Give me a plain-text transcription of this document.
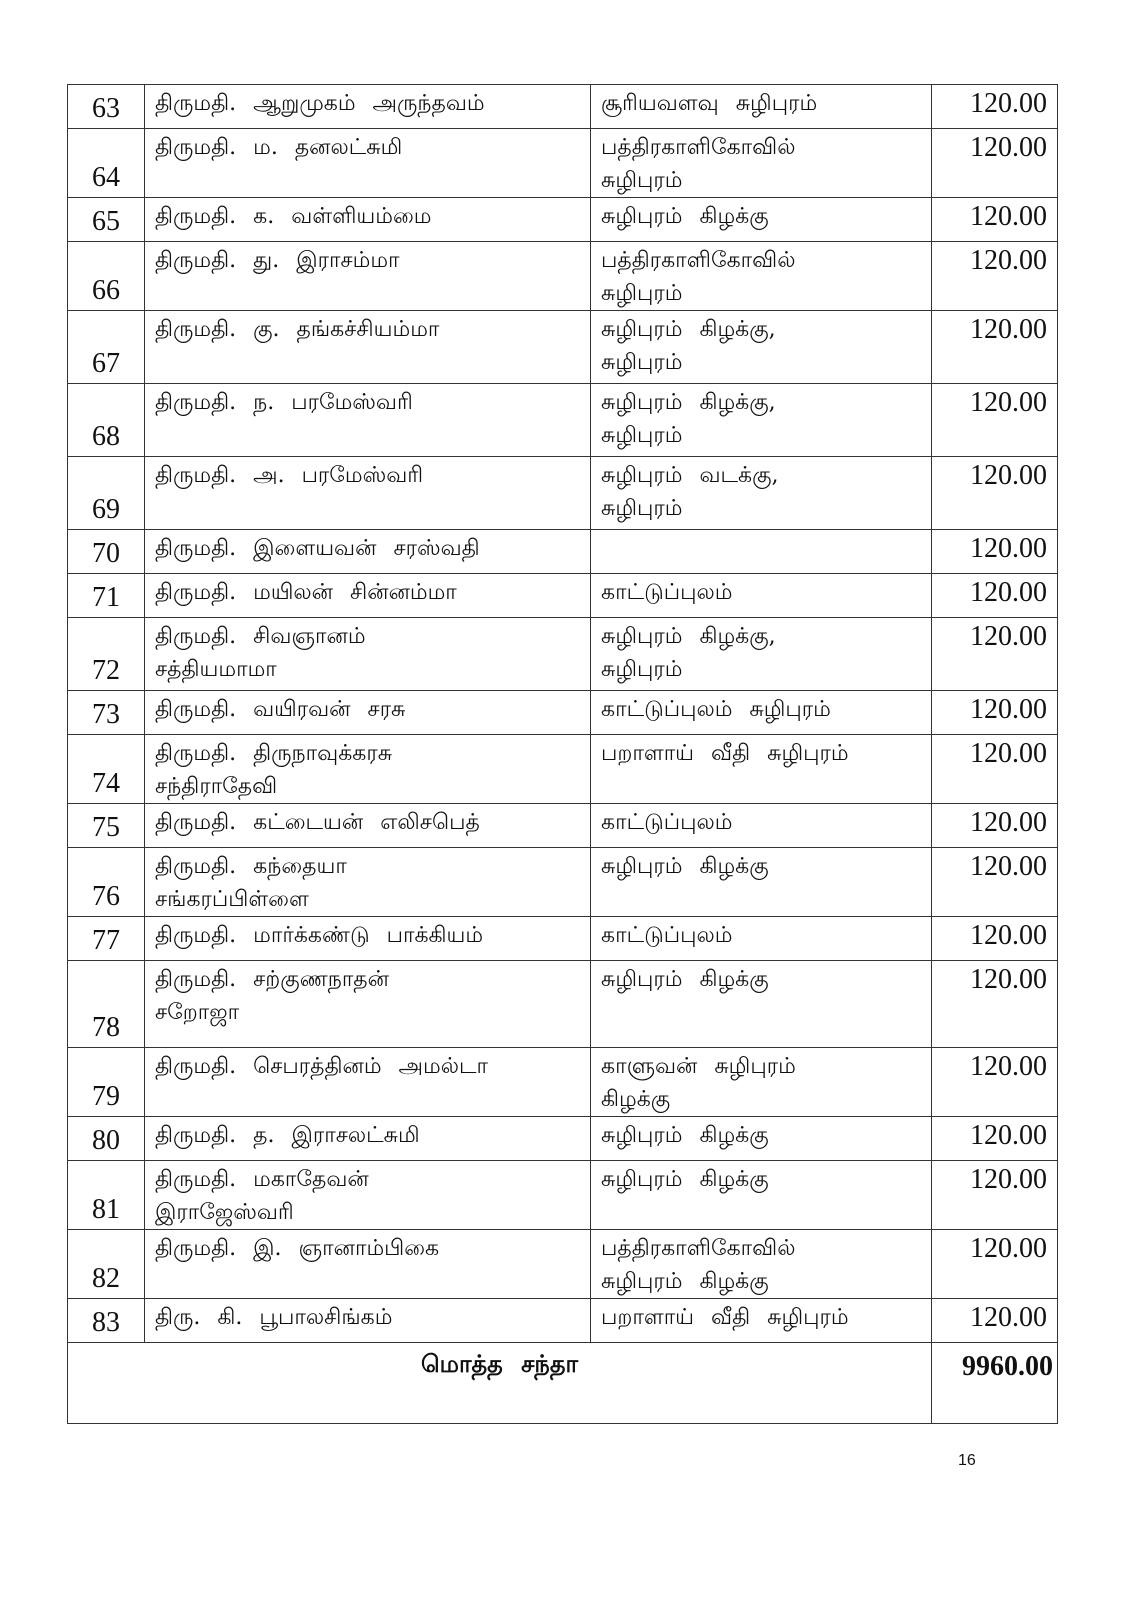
63	திருமதி. ஆறுமுகம் அருந்தவம்	சூரியவளவு சுழிபுரம்	120.00
64	திருமதி. ம. தனலட்சுமி	பத்திரகாளிகோவில்
சுழிபுரம்	120.00
65	திருமதி. க. வள்ளியம்மை	சுழிபுரம் கிழக்கு	120.00
66	திருமதி. து. இராசம்மா	பத்திரகாளிகோவில்
சுழிபுரம்	120.00
67	திருமதி. கு. தங்கச்சியம்மா	சுழிபுரம் கிழக்கு,
சுழிபுரம்	120.00
68	திருமதி. ந. பரமேஸ்வரி	சுழிபுரம் கிழக்கு,
சுழிபுரம்	120.00
69	திருமதி. அ. பரமேஸ்வரி	சுழிபுரம் வடக்கு,
சுழிபுரம்	120.00
70	திருமதி. இளையவன் சரஸ்வதி		120.00
71	திருமதி. மயிலன் சின்னம்மா	காட்டுப்புலம்	120.00
72	திருமதி. சிவஞானம்
சத்தியமாமா	சுழிபுரம் கிழக்கு,
சுழிபுரம்	120.00
73	திருமதி. வயிரவன் சரசு	காட்டுப்புலம் சுழிபுரம்	120.00
74	திருமதி. திருநாவுக்கரசு
சந்திராதேவி	பறாளாய் வீதி சுழிபுரம்	120.00
75	திருமதி. கட்டையன் எலிசபெத்	காட்டுப்புலம்	120.00
76	திருமதி. கந்தையா
சங்கரப்பிள்ளை	சுழிபுரம் கிழக்கு	120.00
77	திருமதி. மார்க்கண்டு பாக்கியம்	காட்டுப்புலம்	120.00
78	திருமதி. சற்குணநாதன்
சறோஜா	சுழிபுரம் கிழக்கு	120.00
79	திருமதி. செபரத்தினம் அமல்டா	காளுவன் சுழிபுரம்
கிழக்கு	120.00
80	திருமதி. த. இராசலட்சுமி	சுழிபுரம் கிழக்கு	120.00
81	திருமதி. மகாதேவன்
இராஜேஸ்வரி	சுழிபுரம் கிழக்கு	120.00
82	திருமதி. இ. ஞானாம்பிகை	பத்திரகாளிகோவில்
சுழிபுரம் கிழக்கு	120.00
83	திரு. கி. பூபாலசிங்கம்	பறாளாய் வீதி சுழிபுரம்	120.00
மொத்த சந்தா			9960.00
16
